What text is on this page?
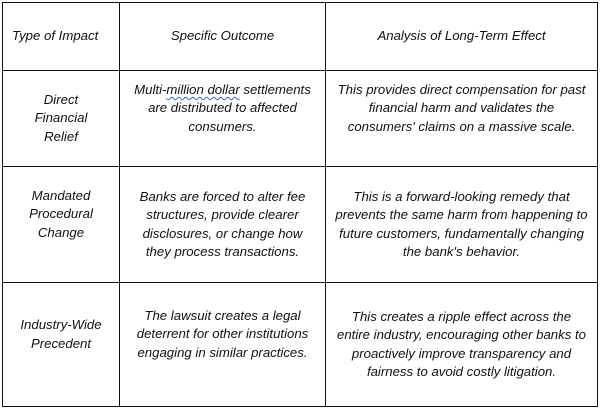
Type of Impact	Specific Outcome	Analysis of Long-Term Effect

Direct
Financial
Relief	Multi-million dollar settlements are distributed to affected consumers.	This provides direct compensation for past financial harm and validates the consumers' claims on a massive scale.

Mandated
Procedural
Change	Banks are forced to alter fee structures, provide clearer disclosures, or change how they process transactions.	This is a forward-looking remedy that prevents the same harm from happening to future customers, fundamentally changing the bank's behavior.

Industry-Wide
Precedent	The lawsuit creates a legal deterrent for other institutions engaging in similar practices.	This creates a ripple effect across the entire industry, encouraging other banks to proactively improve transparency and fairness to avoid costly litigation.
